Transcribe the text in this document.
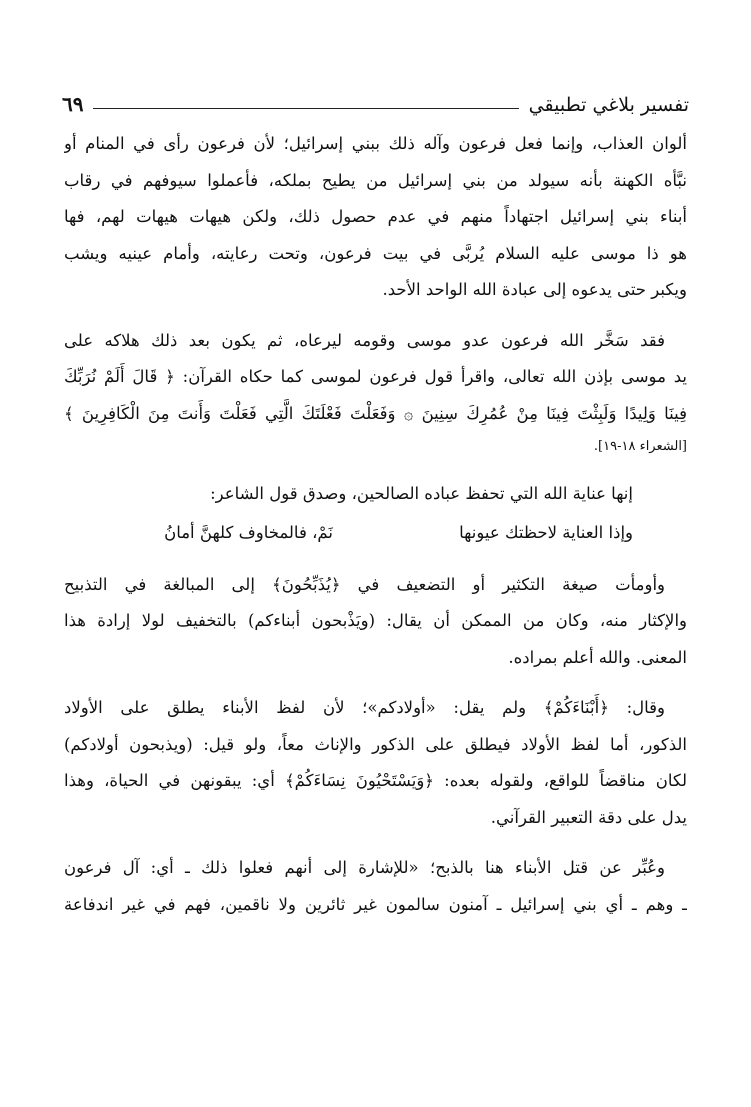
تفسير بلاغي تطبيقي
٦٩
ألوان العذاب، وإنما فعل فرعون وآله ذلك ببني إسرائيل؛ لأن فرعون رأى في المنام أو
نبَّأه الكهنة بأنه سيولد من بني إسرائيل من يطيح بملكه، فأعملوا سيوفهم في رقاب
أبناء بني إسرائيل اجتهاداً منهم في عدم حصول ذلك، ولكن هيهات هيهات لهم، فها
هو ذا موسى عليه السلام يُربَّى في بيت فرعون، وتحت رعايته، وأمام عينيه ويشب
ويكبر حتى يدعوه إلى عبادة الله الواحد الأحد.
فقد سَخَّر الله فرعون عدو موسى وقومه ليرعاه، ثم يكون بعد ذلك هلاكه على
يد موسى بإذن الله تعالى، واقرأ قول فرعون لموسى كما حكاه القرآن: ﴿ قَالَ أَلَمْ نُرَبِّكَ
فِينَا وَلِيدًا وَلَبِثْتَ فِينَا مِنْ عُمُرِكَ سِنِينَ ۞ وَفَعَلْتَ فَعْلَتَكَ الَّتِي فَعَلْتَ وَأَنتَ مِنَ الْكَافِرِينَ ﴾
[الشعراء ١٨-١٩].
إنها عناية الله التي تحفظ عباده الصالحين، وصدق قول الشاعر:
وإذا العناية لاحظتك عيونها
نَمْ، فالمخاوف كلهنَّ أمانُ
وأومأت صيغة التكثير أو التضعيف في ﴿يُذَبِّحُونَ﴾ إلى المبالغة في التذبيح
والإكثار منه، وكان من الممكن أن يقال: (ويَذْبحون أبناءكم) بالتخفيف لولا إرادة هذا
المعنى. والله أعلم بمراده.
وقال: ﴿أَبْنَاءَكُمْ﴾ ولم يقل: «أولادكم»؛ لأن لفظ الأبناء يطلق على الأولاد
الذكور، أما لفظ الأولاد فيطلق على الذكور والإناث معاً، ولو قيل: (ويذبحون أولادكم)
لكان مناقضاً للواقع، ولقوله بعده: ﴿وَيَسْتَحْيُونَ نِسَاءَكُمْ﴾ أي: يبقونهن في الحياة، وهذا
يدل على دقة التعبير القرآني.
وعُبِّر عن قتل الأبناء هنا بالذبح؛ «للإشارة إلى أنهم فعلوا ذلك ـ أي: آل فرعون
ـ وهم ـ أي بني إسرائيل ـ آمنون سالمون غير ثائرين ولا ناقمين، فهم في غير اندفاعة
